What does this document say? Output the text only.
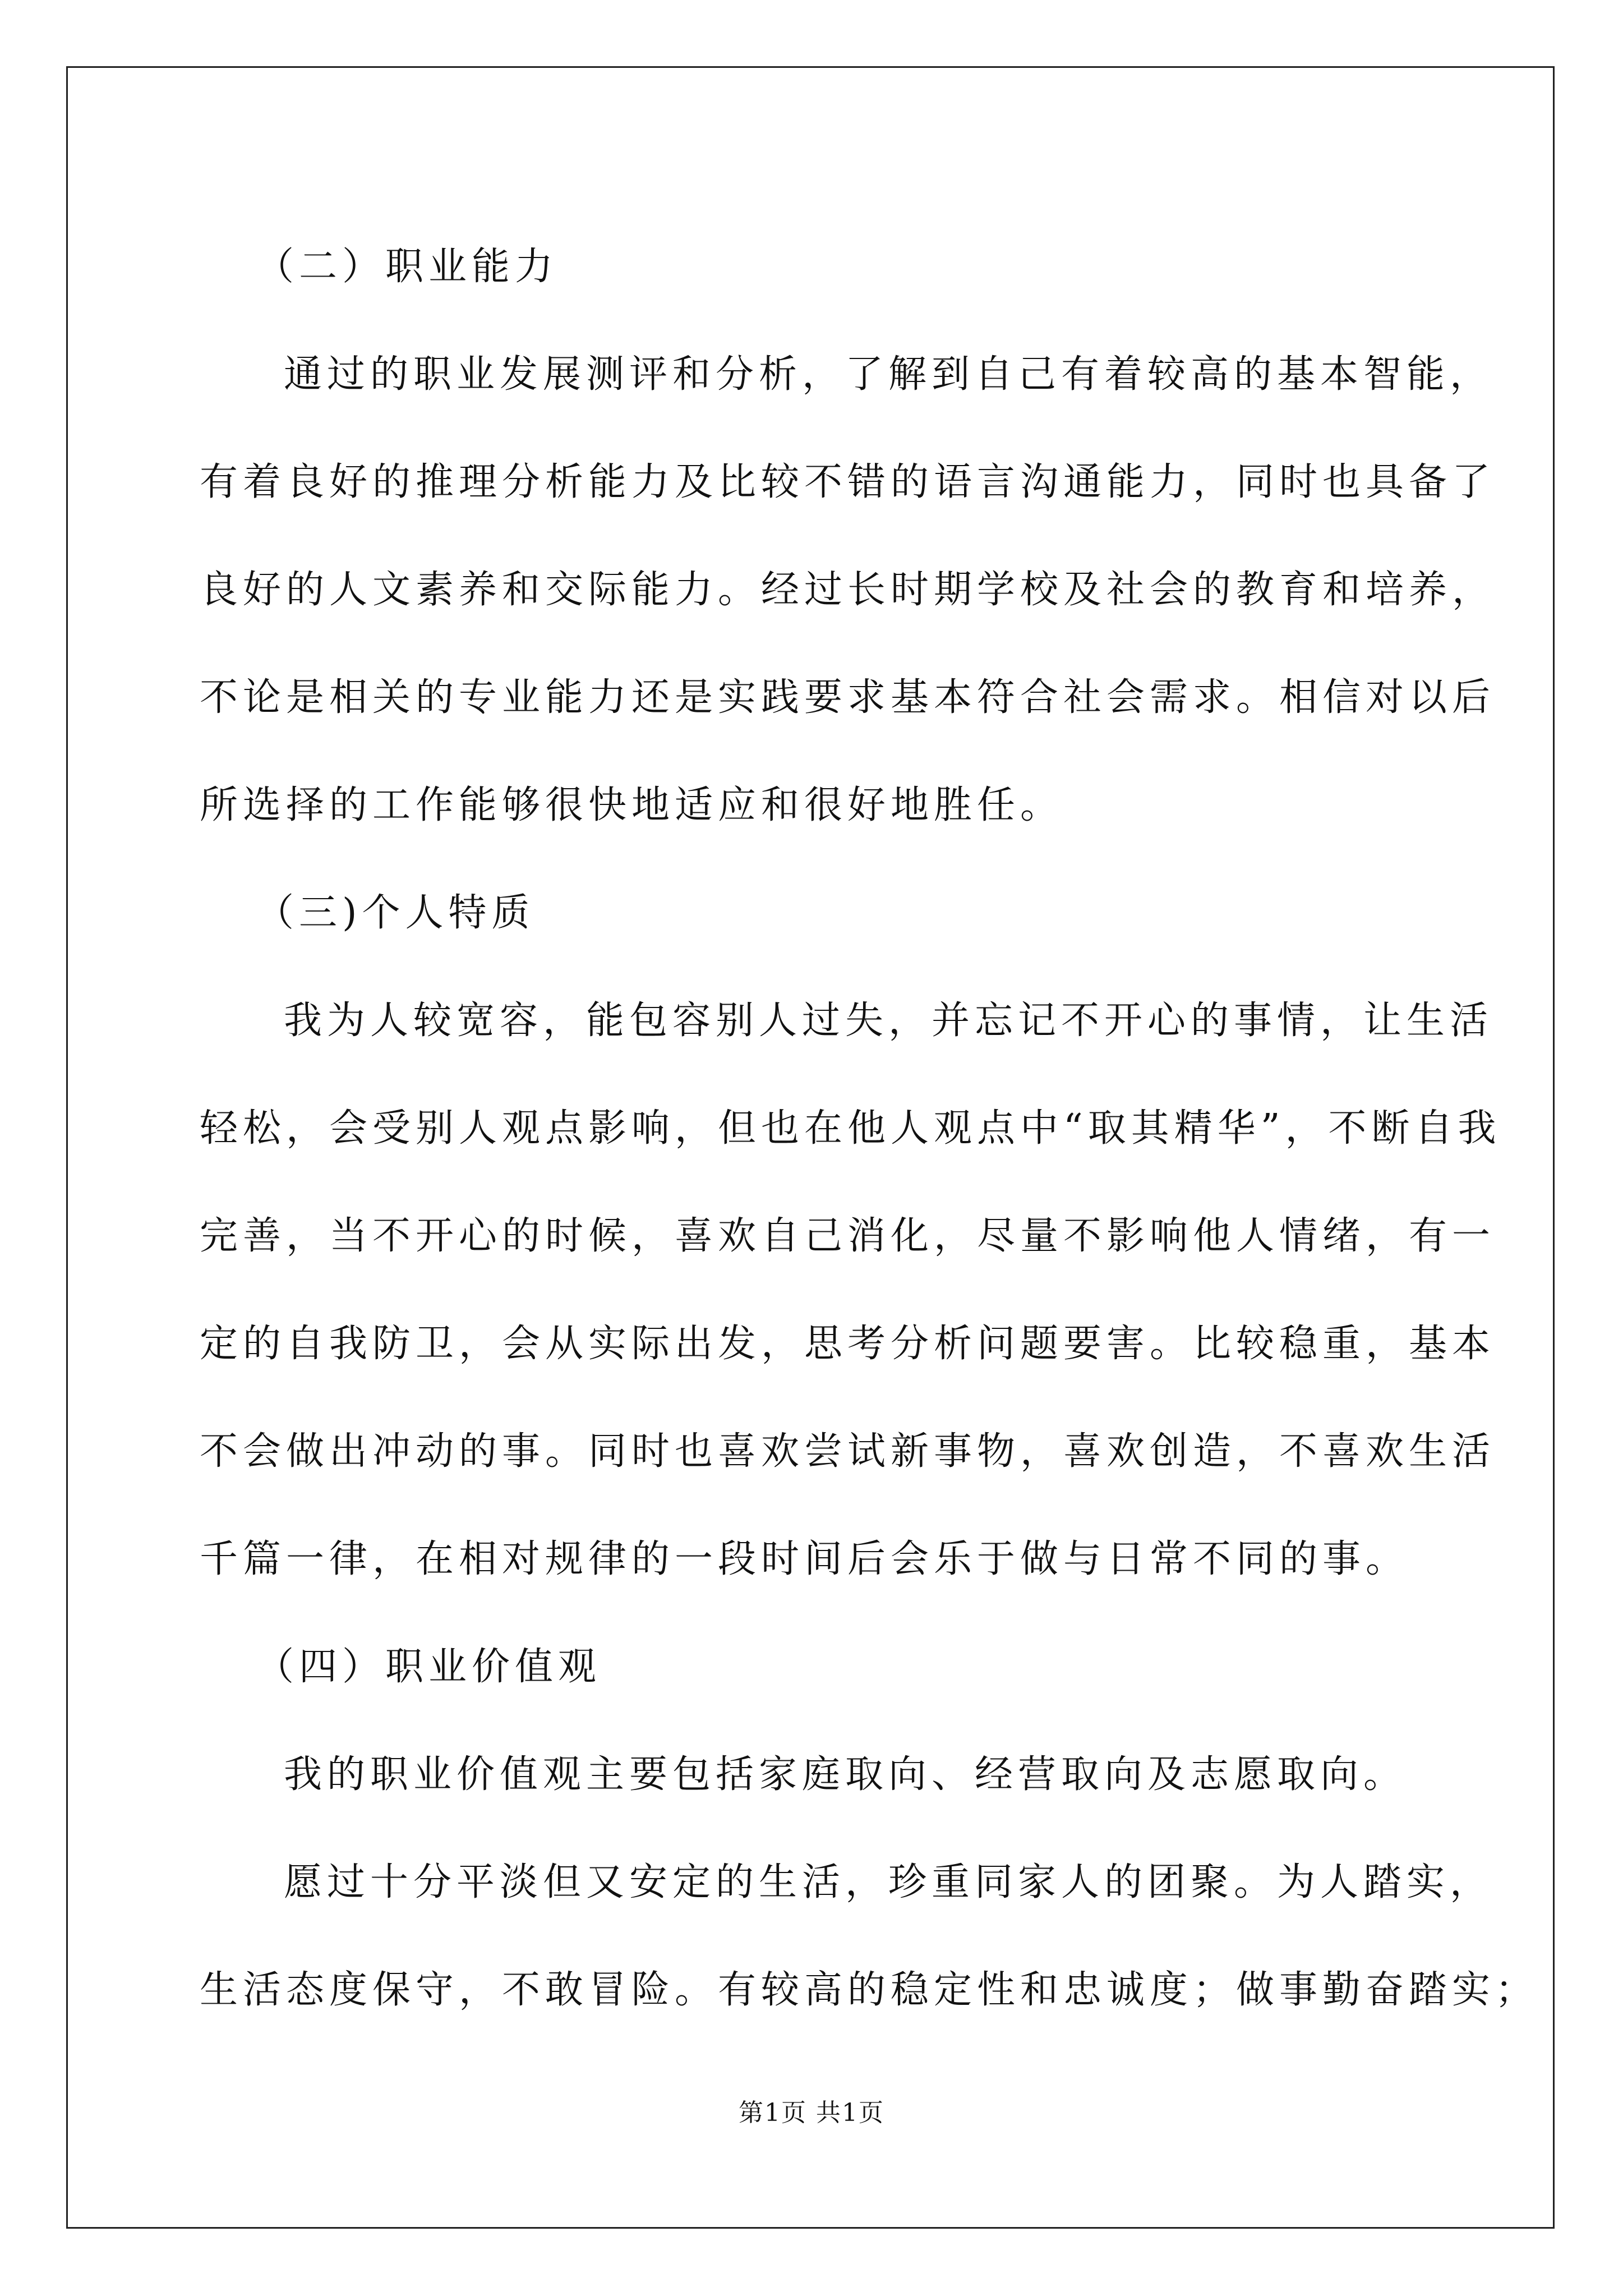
（二）职业能力
通过的职业发展测评和分析，了解到自己有着较高的基本智能，
有着良好的推理分析能力及比较不错的语言沟通能力，同时也具备了
良好的人文素养和交际能力。经过长时期学校及社会的教育和培养，
不论是相关的专业能力还是实践要求基本符合社会需求。相信对以后
所选择的工作能够很快地适应和很好地胜任。
（三)个人特质
我为人较宽容，能包容别人过失，并忘记不开心的事情，让生活
轻松，会受别人观点影响，但也在他人观点中“取其精华”，不断自我
完善，当不开心的时候，喜欢自己消化，尽量不影响他人情绪，有一
定的自我防卫，会从实际出发，思考分析问题要害。比较稳重，基本
不会做出冲动的事。同时也喜欢尝试新事物，喜欢创造，不喜欢生活
千篇一律，在相对规律的一段时间后会乐于做与日常不同的事。
（四）职业价值观
我的职业价值观主要包括家庭取向、经营取向及志愿取向。
愿过十分平淡但又安定的生活，珍重同家人的团聚。为人踏实，
生活态度保守，不敢冒险。有较高的稳定性和忠诚度；做事勤奋踏实；
第1页 共1页
